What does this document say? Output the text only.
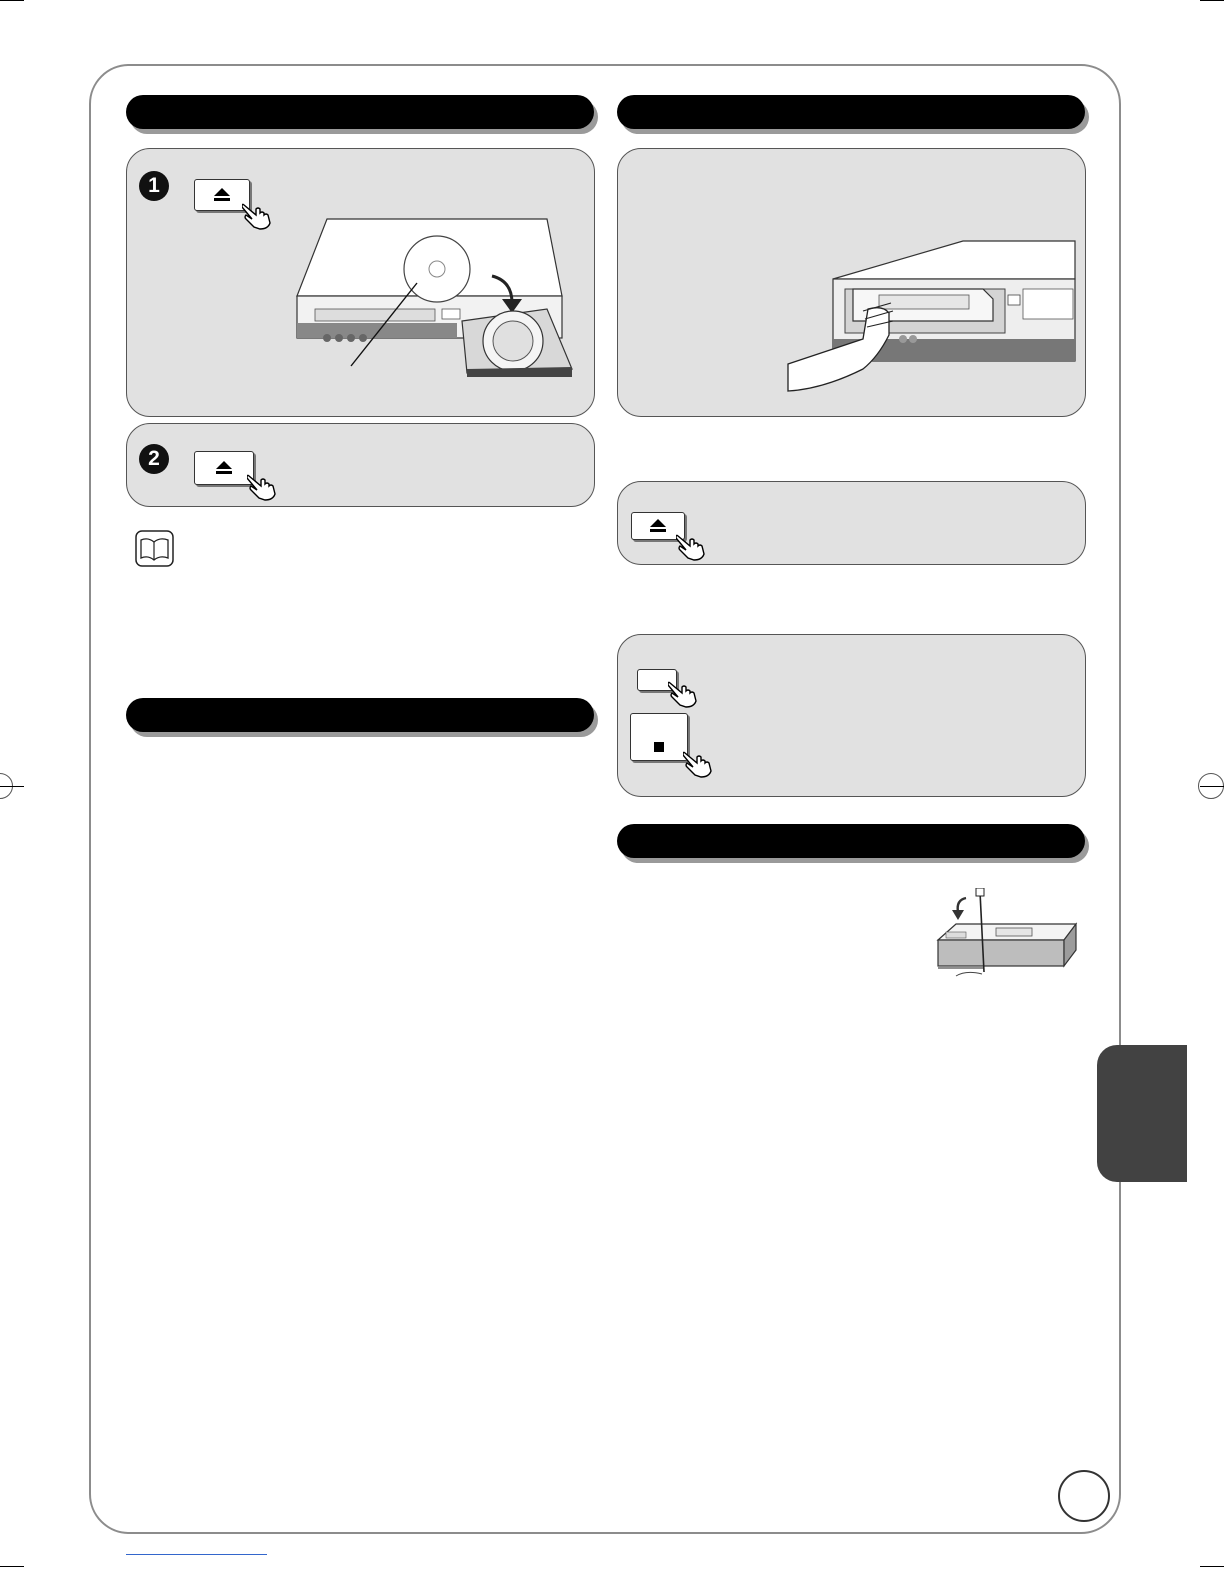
1
2
